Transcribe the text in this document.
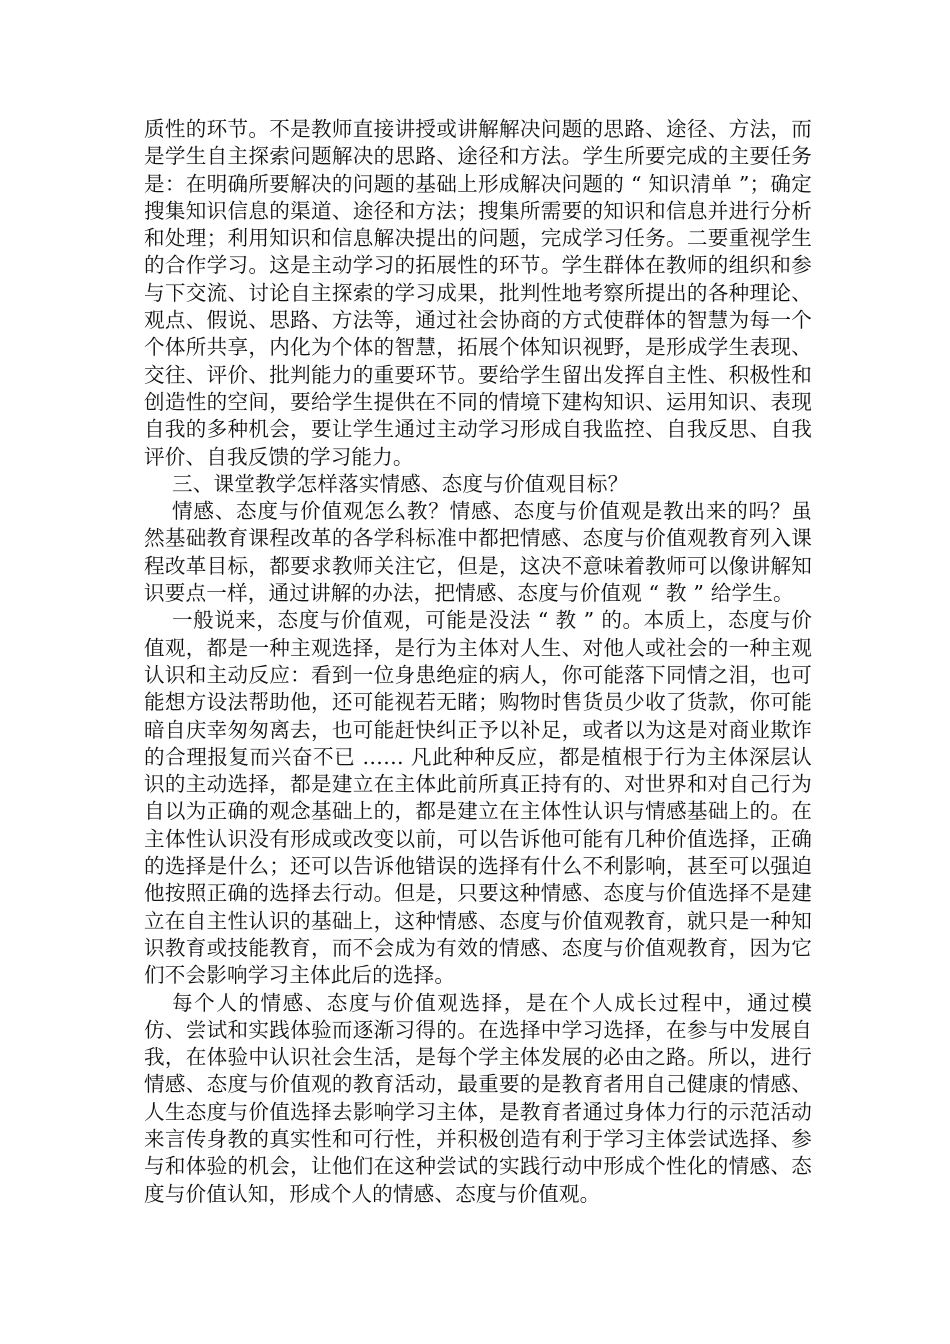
质性的环节。不是教师直接讲授或讲解解决问题的思路、途径、方法，而是学生自主探索问题解决的思路、途径和方法。学生所要完成的主要任务是：在明确所要解决的问题的基础上形成解决问题的 “ 知识清单 ”；确定搜集知识信息的渠道、途径和方法；搜集所需要的知识和信息并进行分析和处理；利用知识和信息解决提出的问题，完成学习任务。二要重视学生的合作学习。这是主动学习的拓展性的环节。学生群体在教师的组织和参与下交流、讨论自主探索的学习成果，批判性地考察所提出的各种理论、观点、假说、思路、方法等，通过社会协商的方式使群体的智慧为每一个个体所共享，内化为个体的智慧，拓展个体知识视野，是形成学生表现、交往、评价、批判能力的重要环节。要给学生留出发挥自主性、积极性和创造性的空间，要给学生提供在不同的情境下建构知识、运用知识、表现自我的多种机会，要让学生通过主动学习形成自我监控、自我反思、自我评价、自我反馈的学习能力。

三、课堂教学怎样落实情感、态度与价值观目标？

情感、态度与价值观怎么教？情感、态度与价值观是教出来的吗？虽然基础教育课程改革的各学科标准中都把情感、态度与价值观教育列入课程改革目标，都要求教师关注它，但是，这决不意味着教师可以像讲解知识要点一样，通过讲解的办法，把情感、态度与价值观 “ 教 ” 给学生。

一般说来，态度与价值观，可能是没法 “ 教 ” 的。本质上，态度与价值观，都是一种主观选择，是行为主体对人生、对他人或社会的一种主观认识和主动反应：看到一位身患绝症的病人，你可能落下同情之泪，也可能想方设法帮助他，还可能视若无睹；购物时售货员少收了货款，你可能暗自庆幸匆匆离去，也可能赶快纠正予以补足，或者以为这是对商业欺诈的合理报复而兴奋不已 …… 凡此种种反应，都是植根于行为主体深层认识的主动选择，都是建立在主体此前所真正持有的、对世界和对自己行为自以为正确的观念基础上的，都是建立在主体性认识与情感基础上的。在主体性认识没有形成或改变以前，可以告诉他可能有几种价值选择，正确的选择是什么；还可以告诉他错误的选择有什么不利影响，甚至可以强迫他按照正确的选择去行动。但是，只要这种情感、态度与价值选择不是建立在自主性认识的基础上，这种情感、态度与价值观教育，就只是一种知识教育或技能教育，而不会成为有效的情感、态度与价值观教育，因为它们不会影响学习主体此后的选择。

每个人的情感、态度与价值观选择，是在个人成长过程中，通过模仿、尝试和实践体验而逐渐习得的。在选择中学习选择，在参与中发展自我，在体验中认识社会生活，是每个学主体发展的必由之路。所以，进行情感、态度与价值观的教育活动，最重要的是教育者用自己健康的情感、人生态度与价值选择去影响学习主体，是教育者通过身体力行的示范活动来言传身教的真实性和可行性，并积极创造有利于学习主体尝试选择、参与和体验的机会，让他们在这种尝试的实践行动中形成个性化的情感、态度与价值认知，形成个人的情感、态度与价值观。
